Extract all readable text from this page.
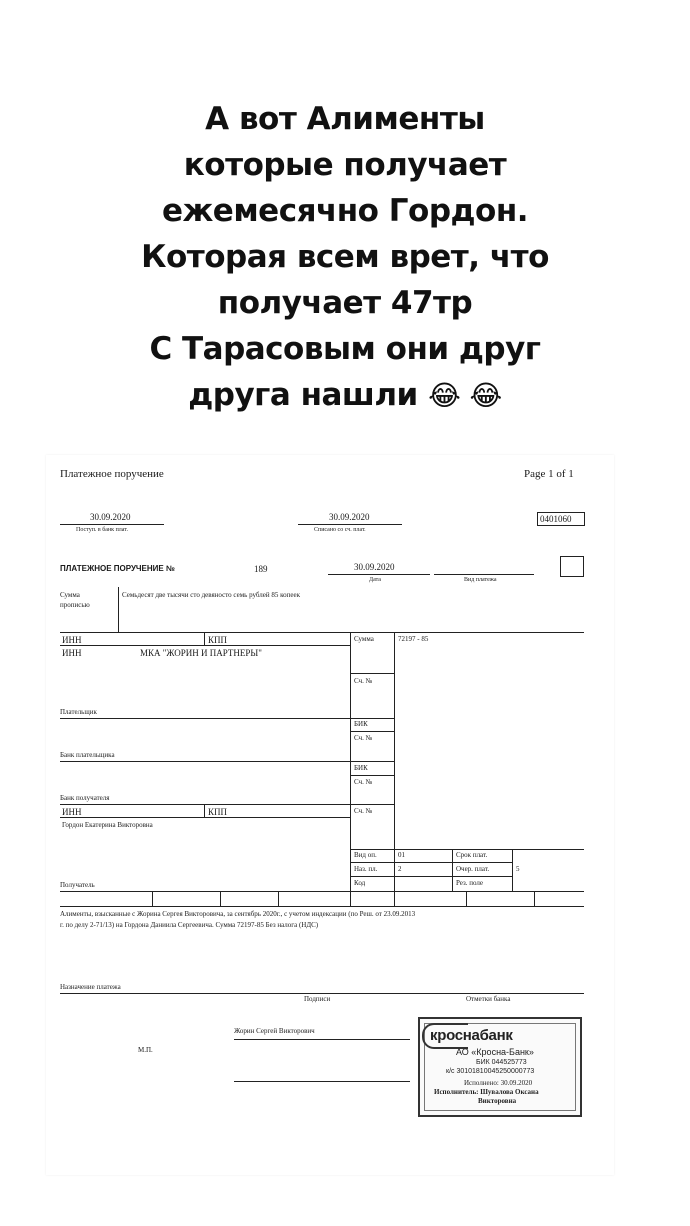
А вот Алименты
которые получает
ежемесячно Гордон.
Которая всем врет, что
получает 47тр
С Тарасовым они друг
друга нашли 😂 😂
Платежное поручение	Page 1 of 1
30.09.2020
Поступ. в банк плат.
30.09.2020
Списано со сч. плат.
0401060
ПЛАТЕЖНОЕ ПОРУЧЕНИЕ №	189	30.09.2020
Дата	Вид платежа
Сумма
прописью
Семьдесят две тысячи сто девяносто семь рублей 85 копеек
ИНН	КПП	Сумма	72197 - 85
ИНН	МКА "ЖОРИН И ПАРТНЕРЫ"
Сч. №
Плательщик
БИК
Сч. №
Банк плательщика
БИК
Сч. №
Банк получателя
ИНН	КПП	Сч. №
Гордон Екатерина Викторовна
Вид оп.	01	Срок плат.
Наз. пл.	2	Очер. плат.	5
Код	Рез. поле
Получатель
Алименты, взысканные с Жорина Сергея Викторовича, за сентябрь 2020г., с учетом индексации (по Реш. от 23.09.2013
г. по делу 2-71/13) на Гордона Даниила Сергеевича. Сумма 72197-85 Без налога (НДС)
Назначение платежа
Подписи	Отметки банка
Жорин Сергей Викторович
М.П.
кроснабанк
АО «Кросна-Банк»
БИК 044525773
к/с 30101810045250000773
Исполнено: 30.09.2020
Исполнитель: Шувалова Оксана
Викторовна
